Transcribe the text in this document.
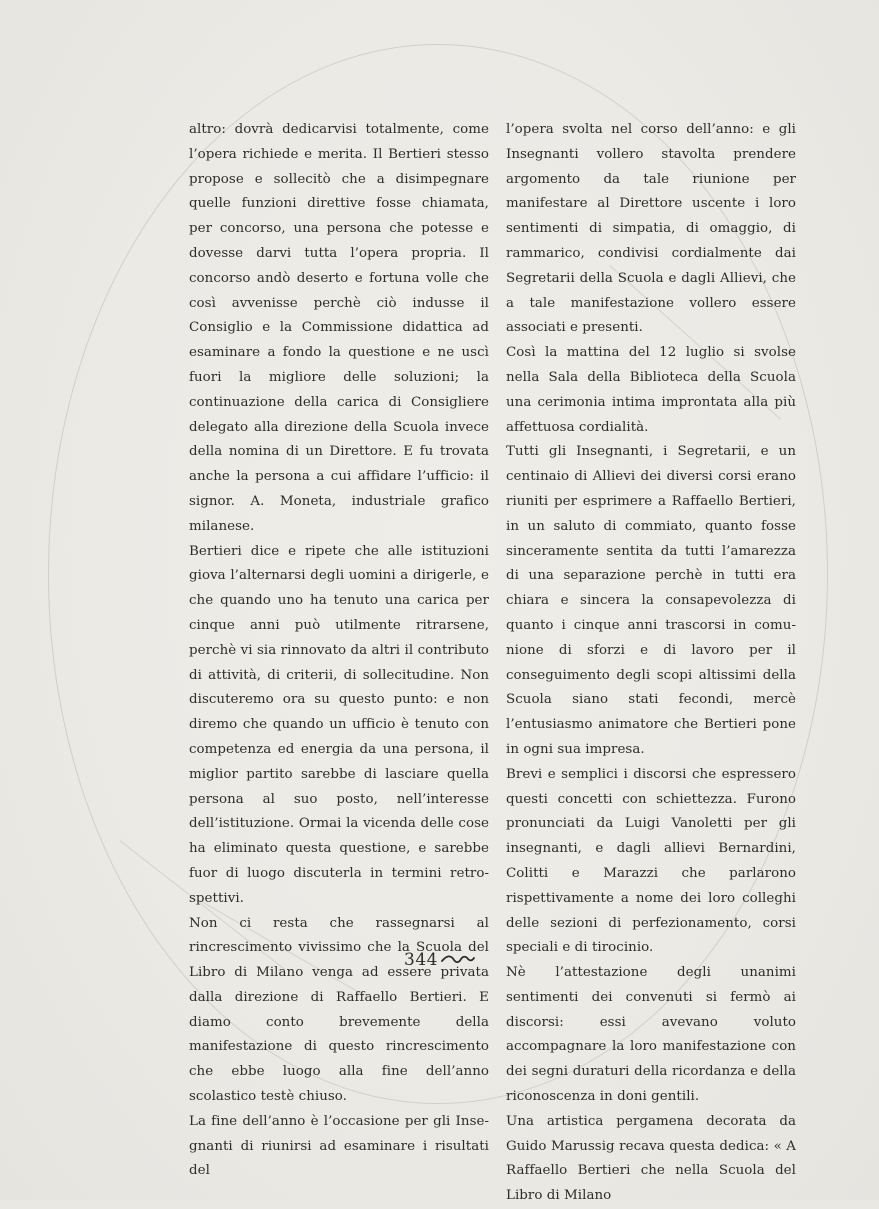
altro: dovrà dedicarvisi totalmente, come l’opera richiede e merita. Il Bertieri stesso propose e sollecitò che a disimpegnare quelle funzioni direttive fosse chiamata, per concorso, una persona che potesse e dovesse darvi tutta l’opera propria. Il concorso andò deserto e fortuna volle che così avvenisse perchè ciò indusse il Consiglio e la Commissione didattica ad esaminare a fondo la questione e ne uscì fuori la migliore delle soluzioni; la continuazione della carica di Consigliere delegato alla direzione della Scuola invece della nomina di un Direttore. E fu trovata anche la persona a cui affidare l’ufficio: il signor. A. Moneta, industriale grafico milanese.

Bertieri dice e ripete che alle istituzioni giova l’alternarsi degli uomini a dirigerle, e che quando uno ha tenuto una carica per cinque anni può utilmente ritrarsene, perchè vi sia rinnovato da altri il contributo di attività, di criterii, di sollecitudine. Non discuteremo ora su questo punto: e non diremo che quando un ufficio è tenuto con competenza ed energia da una persona, il miglior partito sarebbe di lasciare quella persona al suo posto, nell’interesse dell’istituzione. Ormai la vicenda delle cose ha eliminato questa questione, e sarebbe fuor di luogo discuterla in termini retrospettivi.

Non ci resta che rassegnarsi al rincrescimento vivissimo che la Scuola del Libro di Milano venga ad essere privata dalla direzione di Raffaello Bertieri. E diamo conto brevemente della manifestazione di questo rincrescimento che ebbe luogo alla fine dell’anno scolastico testè chiuso.

La fine dell’anno è l’occasione per gli Insegnanti di riunirsi ad esaminare i risultati del

l’opera svolta nel corso dell’anno: e gli Insegnanti vollero stavolta prendere argomento da tale riunione per manifestare al Direttore uscente i loro sentimenti di simpatia, di omaggio, di rammarico, condivisi cordialmente dai Segretarii della Scuola e dagli Allievi, che a tale manifestazione vollero essere associati e presenti.

Così la mattina del 12 luglio si svolse nella Sala della Biblioteca della Scuola una cerimonia intima improntata alla più affettuosa cordialità.

Tutti gli Insegnanti, i Segretarii, e un centinaio di Allievi dei diversi corsi erano riuniti per esprimere a Raffaello Bertieri, in un saluto di commiato, quanto fosse sinceramente sentita da tutti l’amarezza di una separazione perchè in tutti era chiara e sincera la consapevolezza di quanto i cinque anni trascorsi in comunione di sforzi e di lavoro per il conseguimento degli scopi altissimi della Scuola siano stati fecondi, mercè l’entusiasmo animatore che Bertieri pone in ogni sua impresa.

Brevi e semplici i discorsi che espressero questi concetti con schiettezza. Furono pronunciati da Luigi Vanoletti per gli insegnanti, e dagli allievi Bernardini, Colitti e Marazzi che parlarono rispettivamente a nome dei loro colleghi delle sezioni di perfezionamento, corsi speciali e di tirocinio.

Nè l’attestazione degli unanimi sentimenti dei convenuti si fermò ai discorsi: essi avevano voluto accompagnare la loro manifestazione con dei segni duraturi della ricordanza e della riconoscenza in doni gentili.

Una artistica pergamena decorata da Guido Marussig recava questa dedica: « A Raffaello Bertieri che nella Scuola del Libro di Milano

344
